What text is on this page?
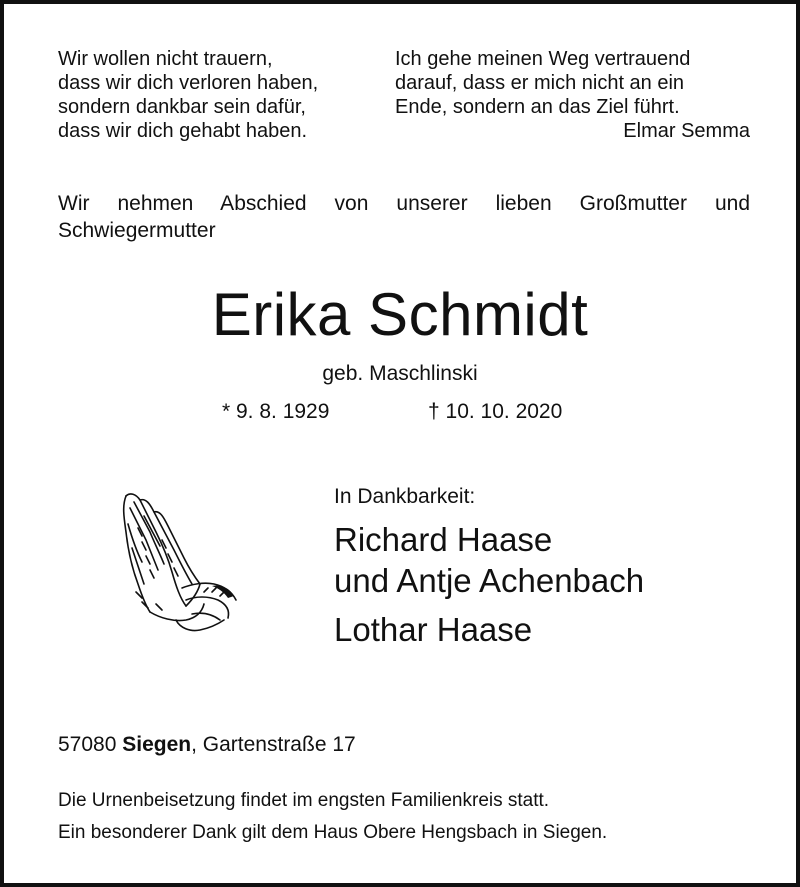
Wir wollen nicht trauern,
dass wir dich verloren haben,
sondern dankbar sein dafür,
dass wir dich gehabt haben.
Ich gehe meinen Weg vertrauend
darauf, dass er mich nicht an ein
Ende, sondern an das Ziel führt.
Elmar Semma
Wir nehmen Abschied von unserer lieben Großmutter und Schwiegermutter
Erika Schmidt
geb. Maschlinski
* 9. 8. 1929	† 10. 10. 2020
In Dankbarkeit:
Richard Haase
und Antje Achenbach
Lothar Haase
57080 Siegen, Gartenstraße 17
Die Urnenbeisetzung findet im engsten Familienkreis statt.
Ein besonderer Dank gilt dem Haus Obere Hengsbach in Siegen.
